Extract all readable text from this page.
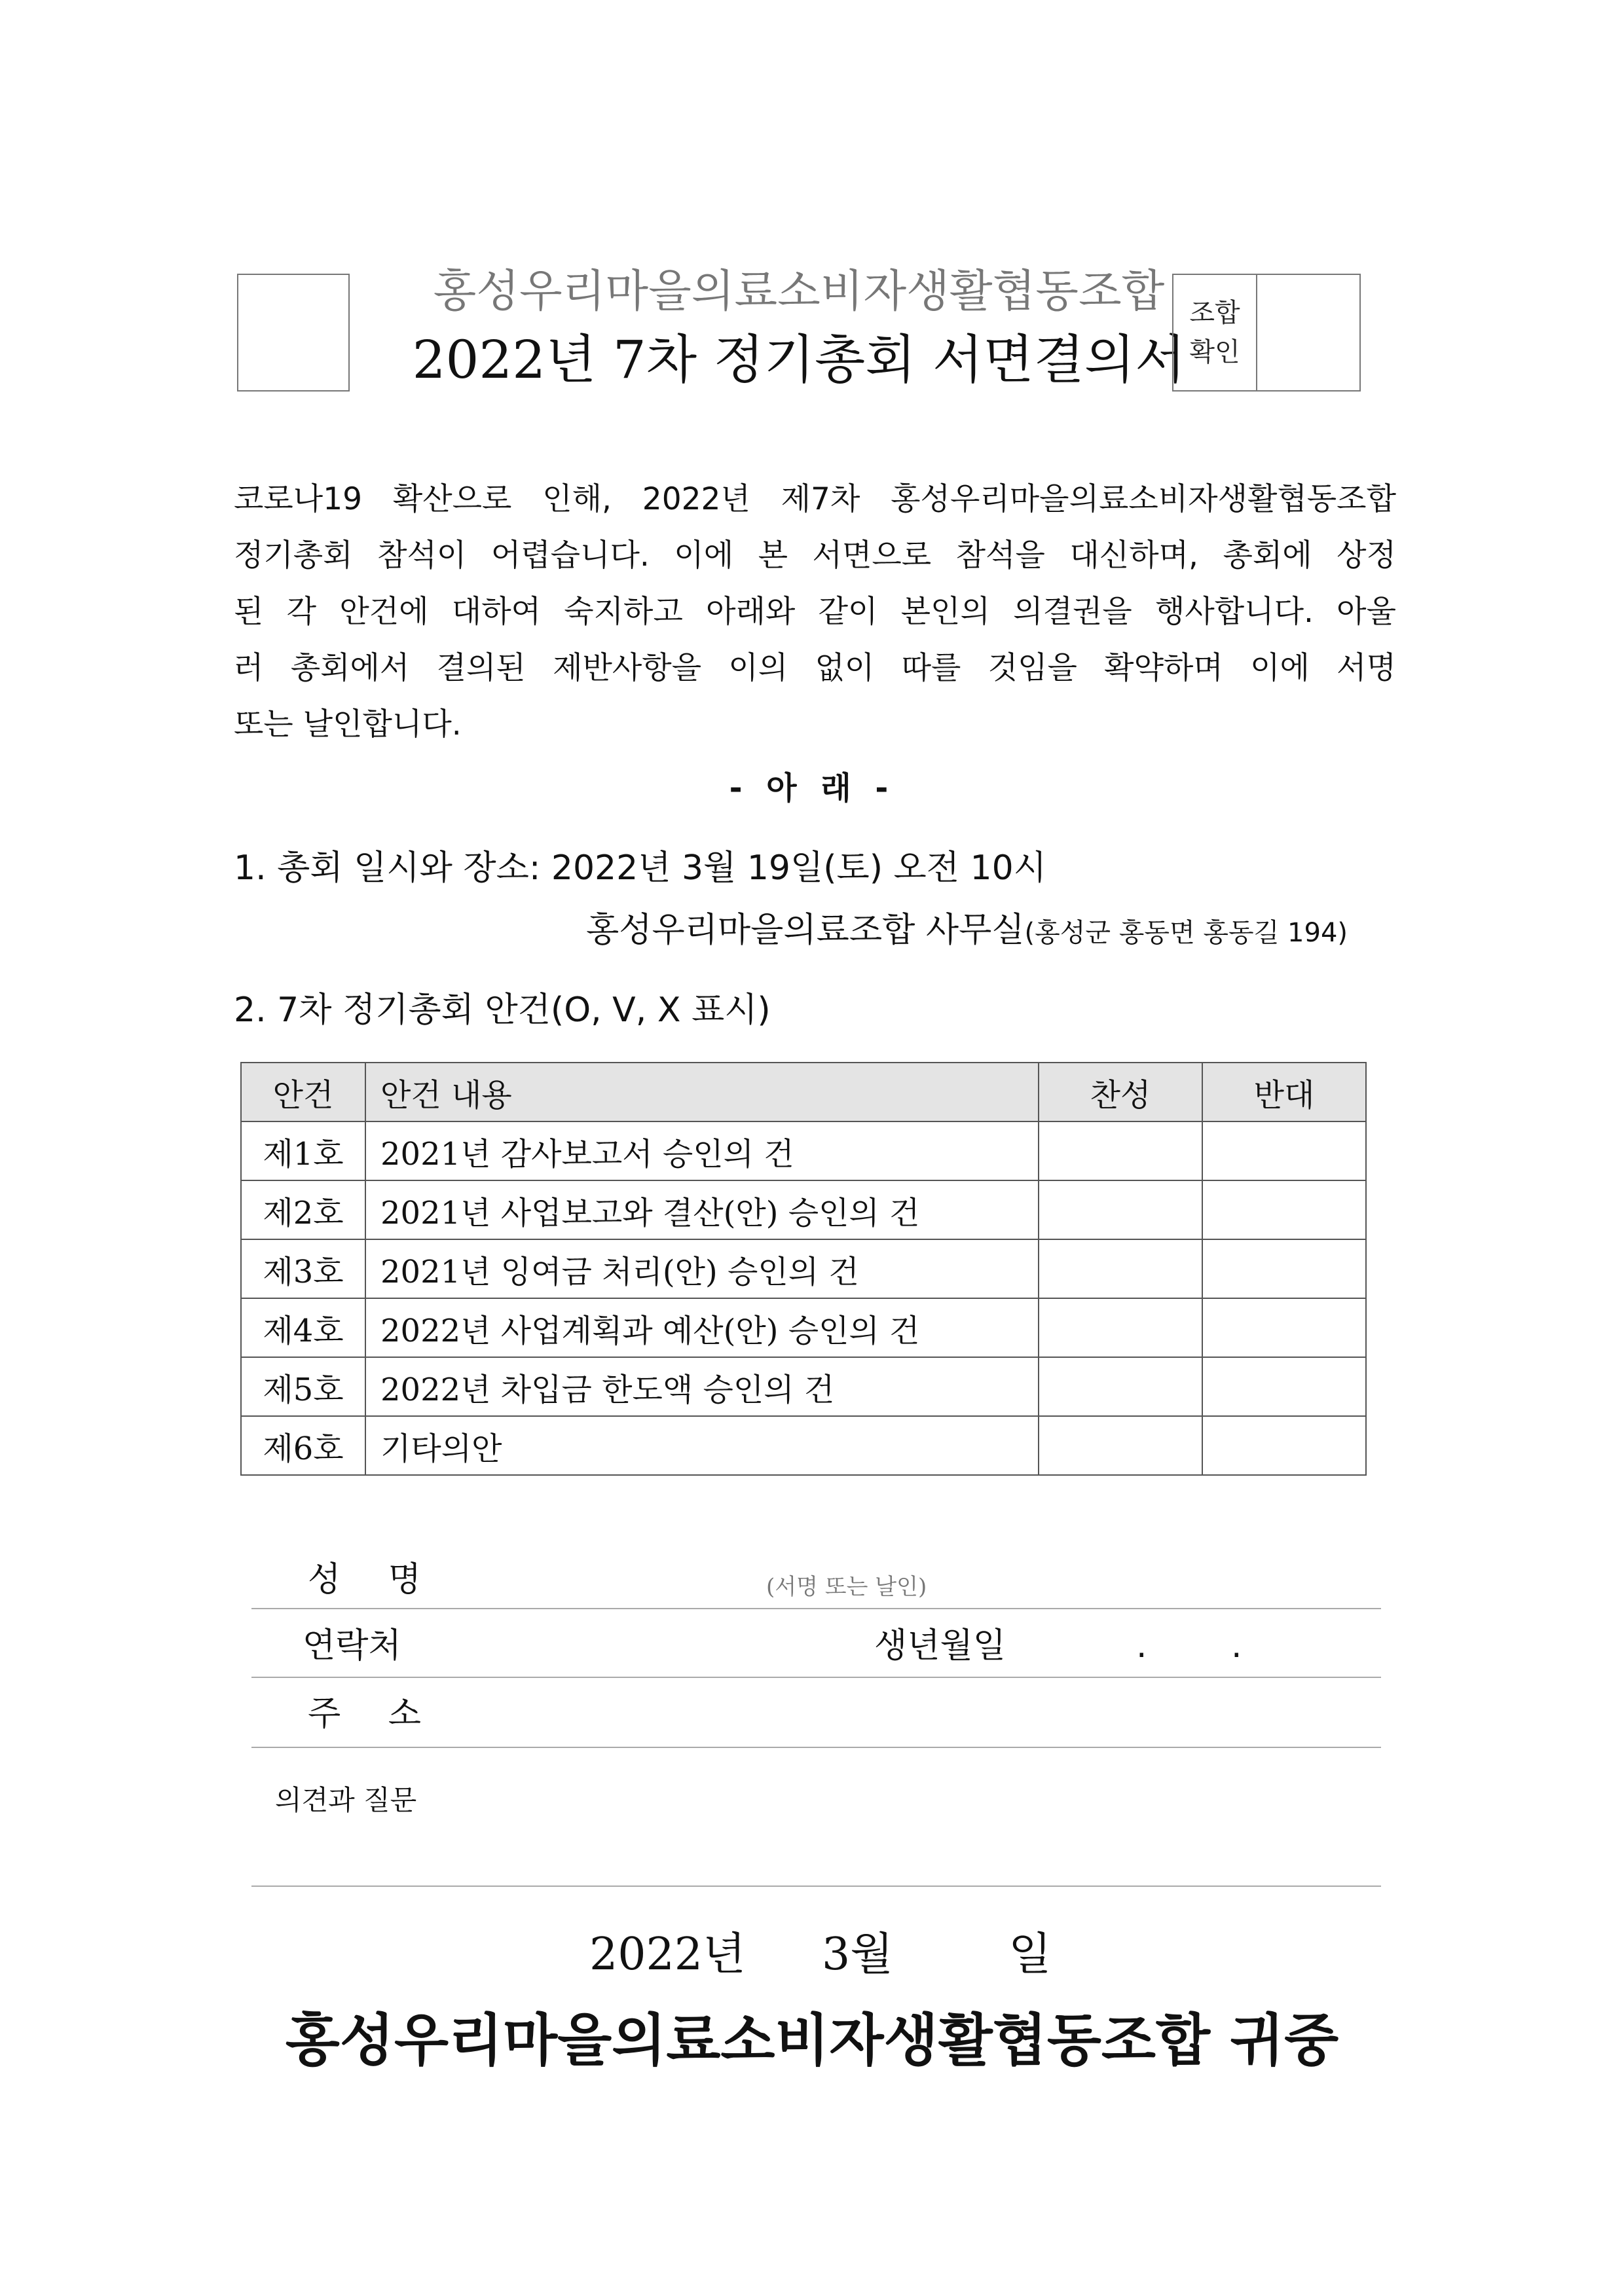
홍성우리마을의료소비자생활협동조합
2022년 7차 정기총회 서면결의서
조합
확인
코로나19 확산으로 인해, 2022년 제7차 홍성우리마을의료소비자생활협동조합
정기총회 참석이 어렵습니다. 이에 본 서면으로 참석을 대신하며, 총회에 상정
된 각 안건에 대하여 숙지하고 아래와 같이 본인의 의결권을 행사합니다. 아울
러 총회에서 결의된 제반사항을 이의 없이 따를 것임을 확약하며 이에 서명
또는 날인합니다.
- 아 래 -
1. 총회 일시와 장소: 2022년 3월 19일(토) 오전 10시
홍성우리마을의료조합 사무실(홍성군 홍동면 홍동길 194)
2. 7차 정기총회 안건(O, V, X 표시)
안건	안건 내용	찬성	반대
제1호	2021년 감사보고서 승인의 건		
제2호	2021년 사업보고와 결산(안) 승인의 건		
제3호	2021년 잉여금 처리(안) 승인의 건		
제4호	2022년 사업계획과 예산(안) 승인의 건		
제5호	2022년 차입금 한도액 승인의 건		
제6호	기타의안		
성 명	(서명 또는 날인)
연락처	생년월일	. .
주 소
의견과 질문
2022년 3월	일
홍성우리마을의료소비자생활협동조합 귀중
